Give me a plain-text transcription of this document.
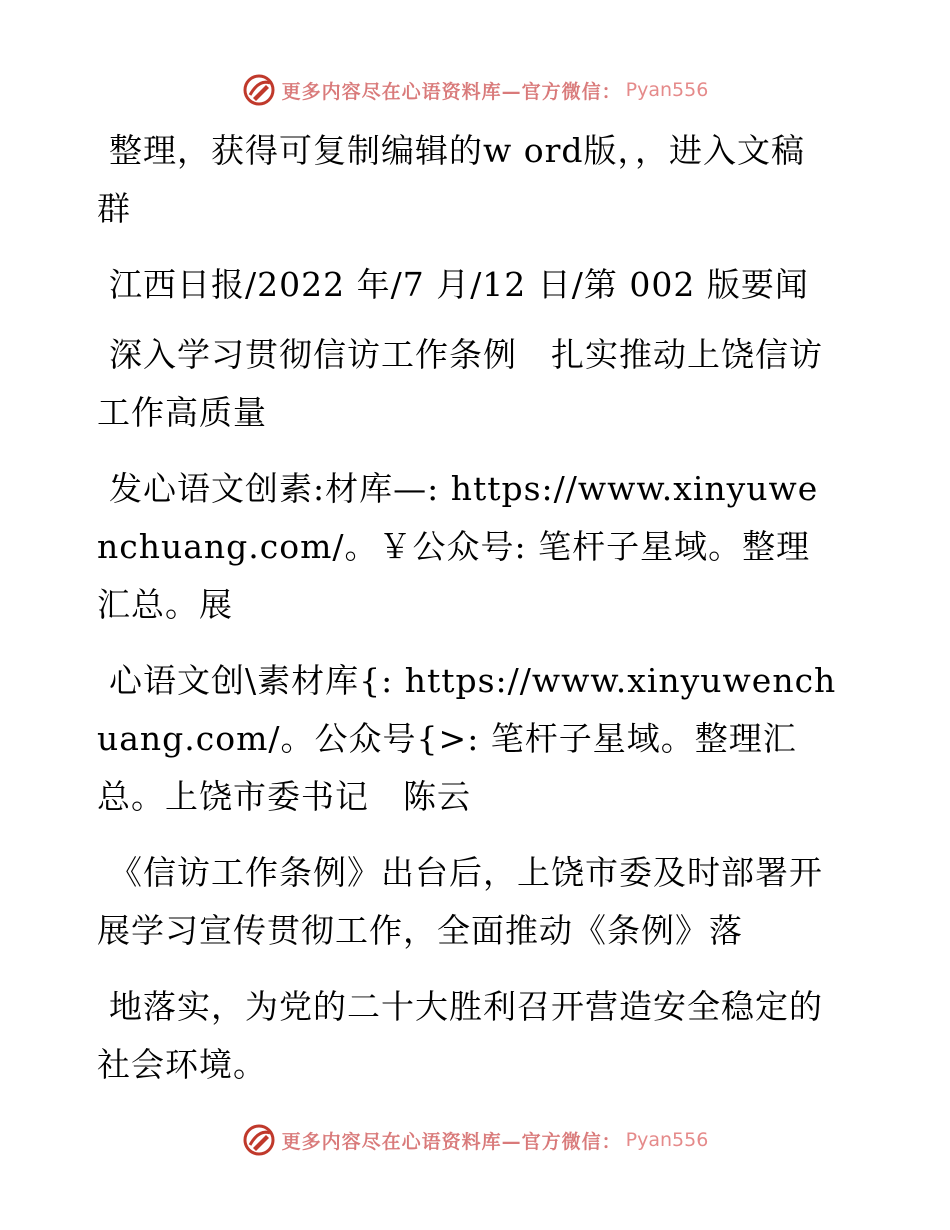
更多内容尽在心语资料库—官方微信： Pyan556

整理，获得可复制编辑的w ord版，，进入文稿群

江西日报/2022 年/7 月/12 日/第 002 版要闻

深入学习贯彻信访工作条例　扎实推动上饶信访工作高质量

发心语文创素:材库—: https://www.xinyuwenchuang.com/。￥公众号: 笔杆子星域。整理汇总。展

心语文创\素材库{: https://www.xinyuwenchuang.com/。公众号{>: 笔杆子星域。整理汇总。上饶市委书记　陈云

《信访工作条例》出台后，上饶市委及时部署开展学习宣传贯彻工作，全面推动《条例》落

地落实，为党的二十大胜利召开营造安全稳定的社会环境。

更多内容尽在心语资料库—官方微信： Pyan556
